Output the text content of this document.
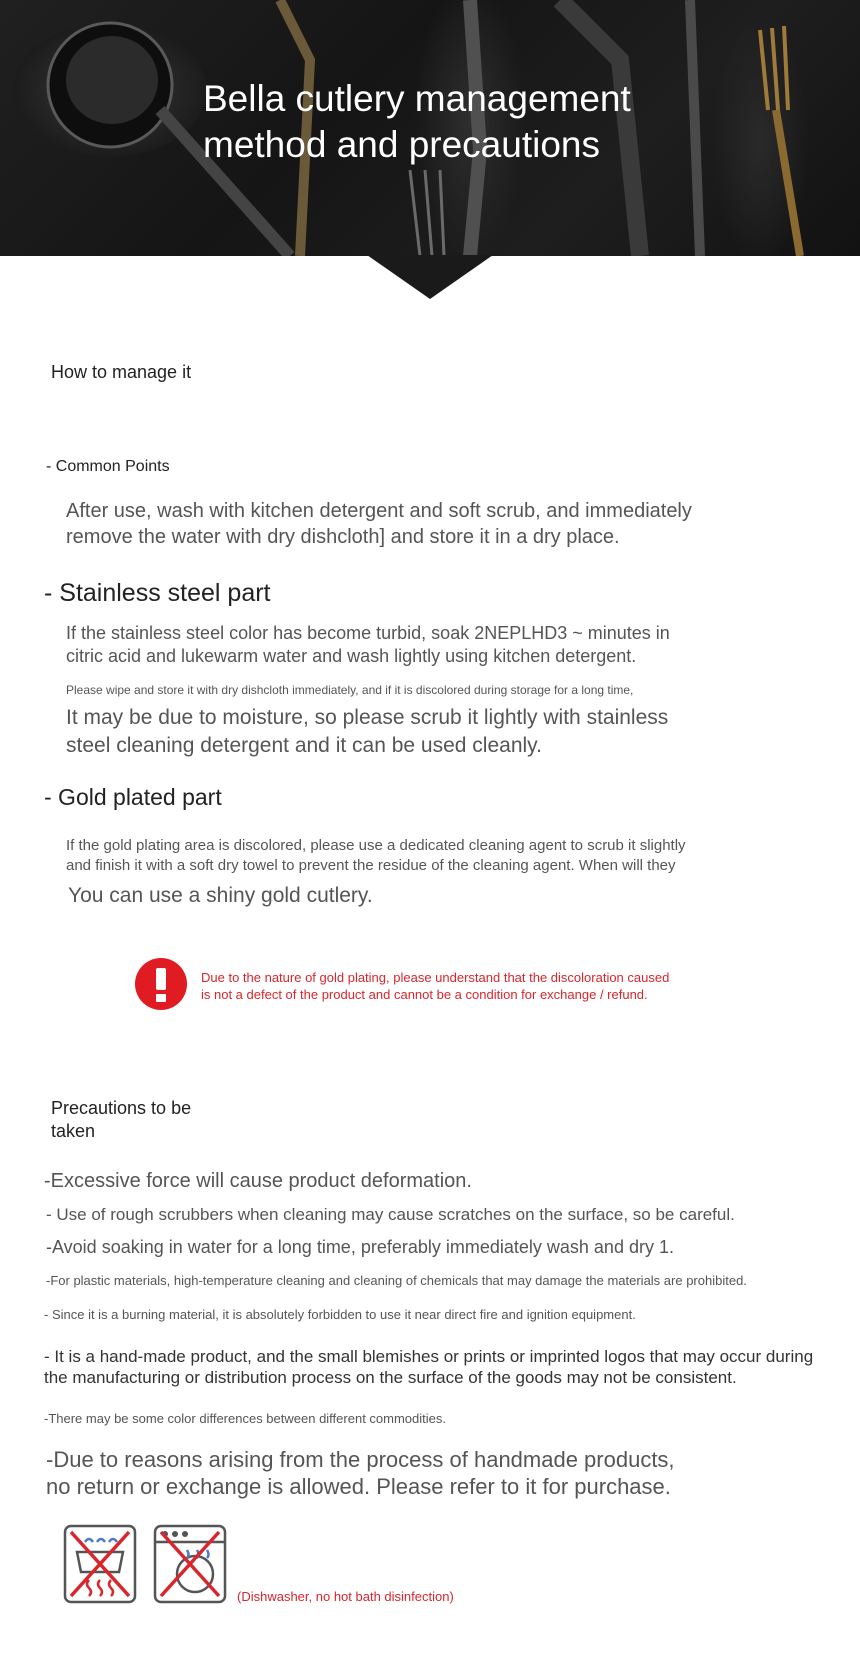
Bella cutlery management
method and precautions
How to manage it
- Common Points
After use, wash with kitchen detergent and soft scrub, and immediately
remove the water with dry dishcloth] and store it in a dry place.
- Stainless steel part
If the stainless steel color has become turbid, soak 2NEPLHD3 ~ minutes in
citric acid and lukewarm water and wash lightly using kitchen detergent.
Please wipe and store it with dry dishcloth immediately, and if it is discolored during storage for a long time,
It may be due to moisture, so please scrub it lightly with stainless
steel cleaning detergent and it can be used cleanly.
- Gold plated part
If the gold plating area is discolored, please use a dedicated cleaning agent to scrub it slightly
and finish it with a soft dry towel to prevent the residue of the cleaning agent. When will they
You can use a shiny gold cutlery.
Due to the nature of gold plating, please understand that the discoloration caused
is not a defect of the product and cannot be a condition for exchange / refund.
Precautions to be
taken
-Excessive force will cause product deformation.
- Use of rough scrubbers when cleaning may cause scratches on the surface, so be careful.
-Avoid soaking in water for a long time, preferably immediately wash and dry 1.
-For plastic materials, high-temperature cleaning and cleaning of chemicals that may damage the materials are prohibited.
- Since it is a burning material, it is absolutely forbidden to use it near direct fire and ignition equipment.
- It is a hand-made product, and the small blemishes or prints or imprinted logos that may occur during
the manufacturing or distribution process on the surface of the goods may not be consistent.
-There may be some color differences between different commodities.
-Due to reasons arising from the process of handmade products,
no return or exchange is allowed. Please refer to it for purchase.
(Dishwasher, no hot bath disinfection)
